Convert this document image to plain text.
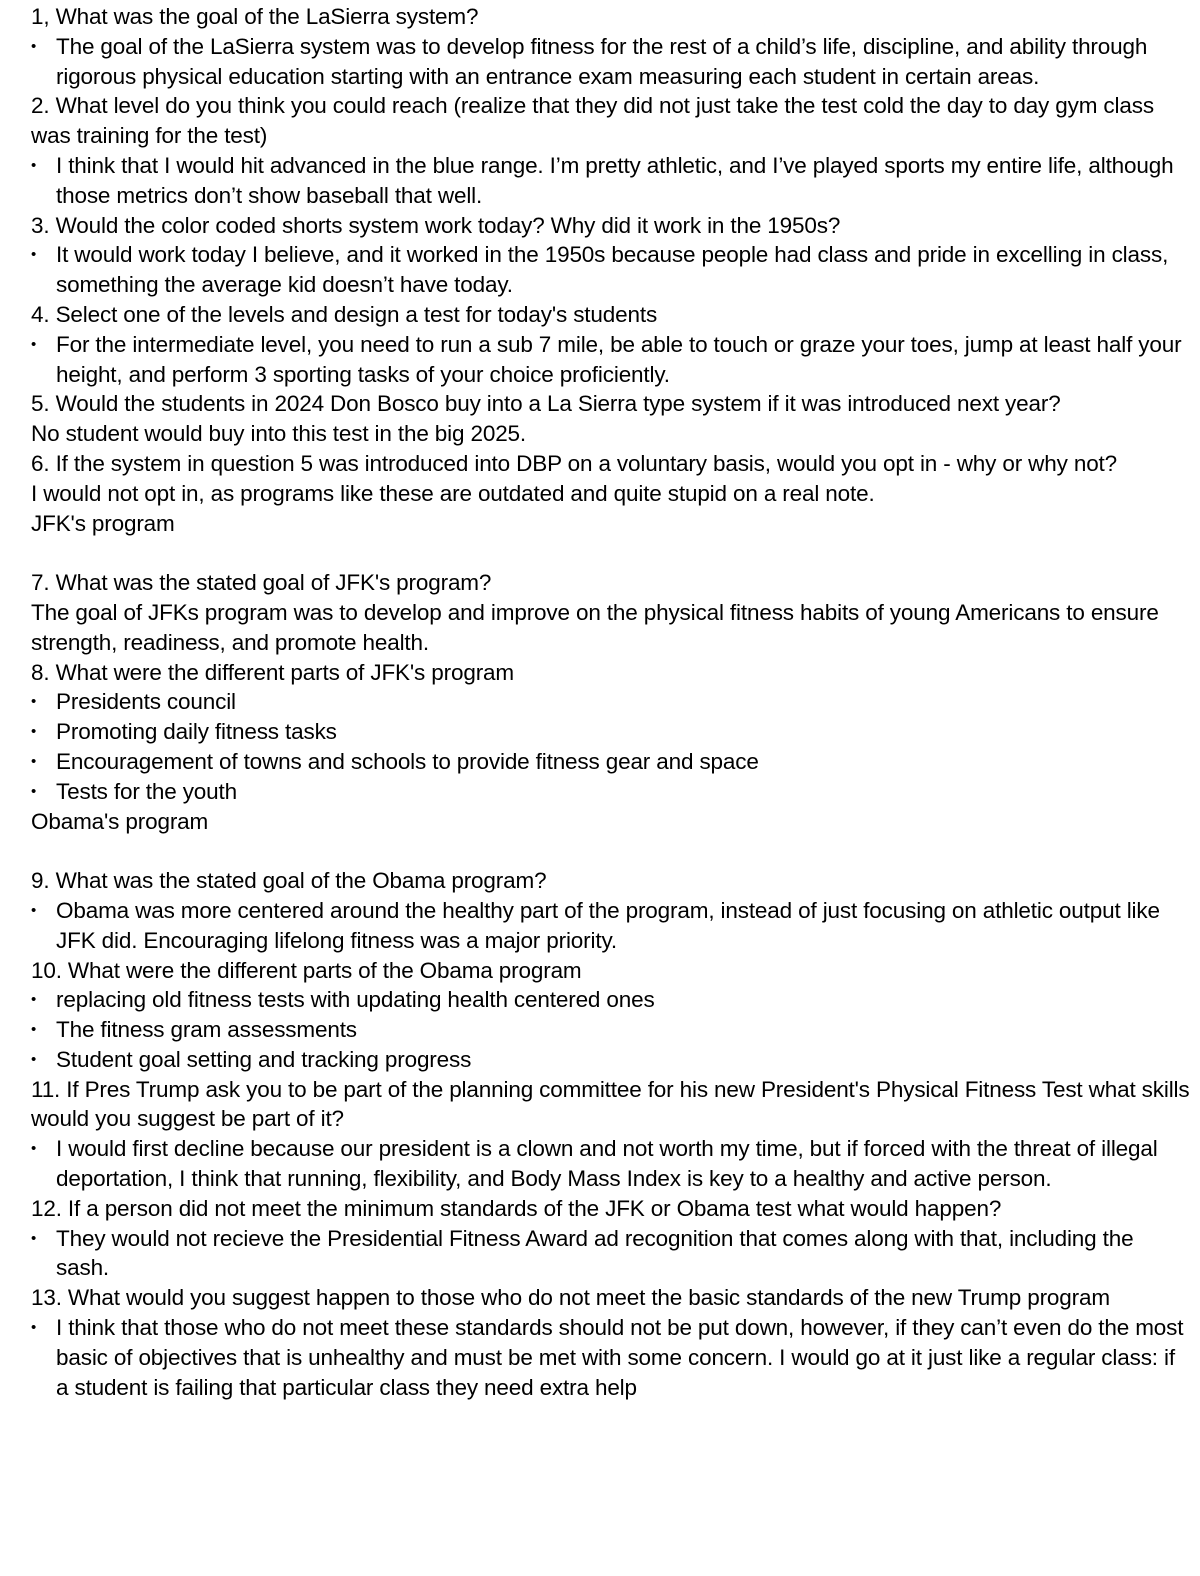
1, What was the goal of the LaSierra system?

• The goal of the LaSierra system was to develop fitness for the rest of a child’s life, discipline, and ability through rigorous physical education starting with an entrance exam measuring each student in certain areas.

2. What level do you think you could reach (realize that they did not just take the test cold the day to day gym class was training for the test)

• I think that I would hit advanced in the blue range. I’m pretty athletic, and I’ve played sports my entire life, although those metrics don’t show baseball that well.

3. Would the color coded shorts system work today? Why did it work in the 1950s?

• It would work today I believe, and it worked in the 1950s because people had class and pride in excelling in class, something the average kid doesn’t have today.

4. Select one of the levels and design a test for today's students

• For the intermediate level, you need to run a sub 7 mile, be able to touch or graze your toes, jump at least half your height, and perform 3 sporting tasks of your choice proficiently.

5. Would the students in 2024 Don Bosco buy into a La Sierra type system if it was introduced next year?

No student would buy into this test in the big 2025.

6. If the system in question 5 was introduced into DBP on a voluntary basis, would you opt in - why or why not?

I would not opt in, as programs like these are outdated and quite stupid on a real note.

JFK's program

7. What was the stated goal of JFK's program?

The goal of JFKs program was to develop and improve on the physical fitness habits of young Americans to ensure strength, readiness, and promote health.

8. What were the different parts of JFK's program

• Presidents council

• Promoting daily fitness tasks

• Encouragement of towns and schools to provide fitness gear and space

• Tests for the youth

Obama's program

9. What was the stated goal of the Obama program?

• Obama was more centered around the healthy part of the program, instead of just focusing on athletic output like JFK did. Encouraging lifelong fitness was a major priority.

10. What were the different parts of the Obama program

• replacing old fitness tests with updating health centered ones

• The fitness gram assessments

• Student goal setting and tracking progress

11. If Pres Trump ask you to be part of the planning committee for his new President's Physical Fitness Test what skills would you suggest be part of it?

• I would first decline because our president is a clown and not worth my time, but if forced with the threat of illegal deportation, I think that running, flexibility, and Body Mass Index is key to a healthy and active person.

12. If a person did not meet the minimum standards of the JFK or Obama test what would happen?

• They would not recieve the Presidential Fitness Award ad recognition that comes along with that, including the sash.

13. What would you suggest happen to those who do not meet the basic standards of the new Trump program

• I think that those who do not meet these standards should not be put down, however, if they can’t even do the most basic of objectives that is unhealthy and must be met with some concern. I would go at it just like a regular class: if a student is failing that particular class they need extra help
